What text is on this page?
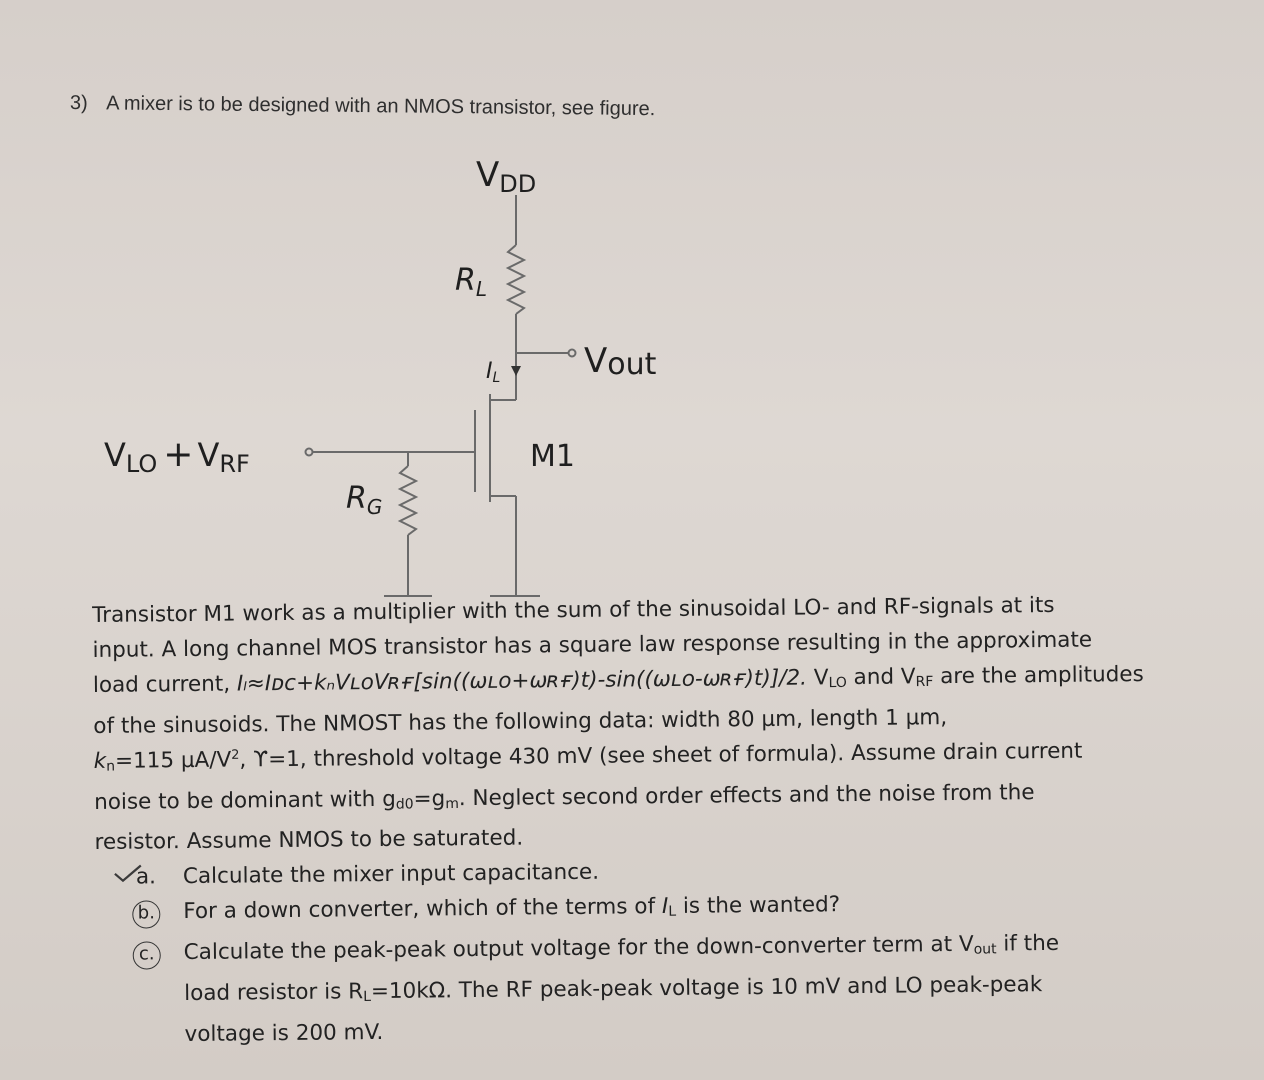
3) A mixer is to be designed with an NMOS transistor, see figure.
VDD
$R_L$
IL Vout
VLO + VRF	M1
$R_G$

Transistor M1 work as a multiplier with the sum of the sinusoidal LO- and RF-signals at its

input. A long channel MOS transistor has a square law response resulting in the approximate

load current, Iₗ≈Iᴅᴄ+kₙVʟᴏVʀғ[sin((ωʟᴏ+ωʀғ)t)-sin((ωʟᴏ-ωʀғ)t)]/2. $V_{LO}$ and $V_{RF}$ are the amplitudes

of the sinusoids. The NMOST has the following data: width 80 µm, length 1 µm,

$k_n=115$ $\mu A/V^2$, ϒ=1, threshold voltage 430 mV (see sheet of formula). Assume drain current

noise to be dominant with $g_{d0}=g_m$. Neglect second order effects and the noise from the

resistor. Assume NMOS to be saturated.

a.	Calculate the mixer input capacitance.
b.	For a down converter, which of the terms of $I_L$ is the wanted?
c.	Calculate the peak-peak output voltage for the down-converter term at $V_{out}$ if the

load resistor is $R_L=10k\Omega$. The RF peak-peak voltage is 10 mV and LO peak-peak

voltage is 200 mV.
